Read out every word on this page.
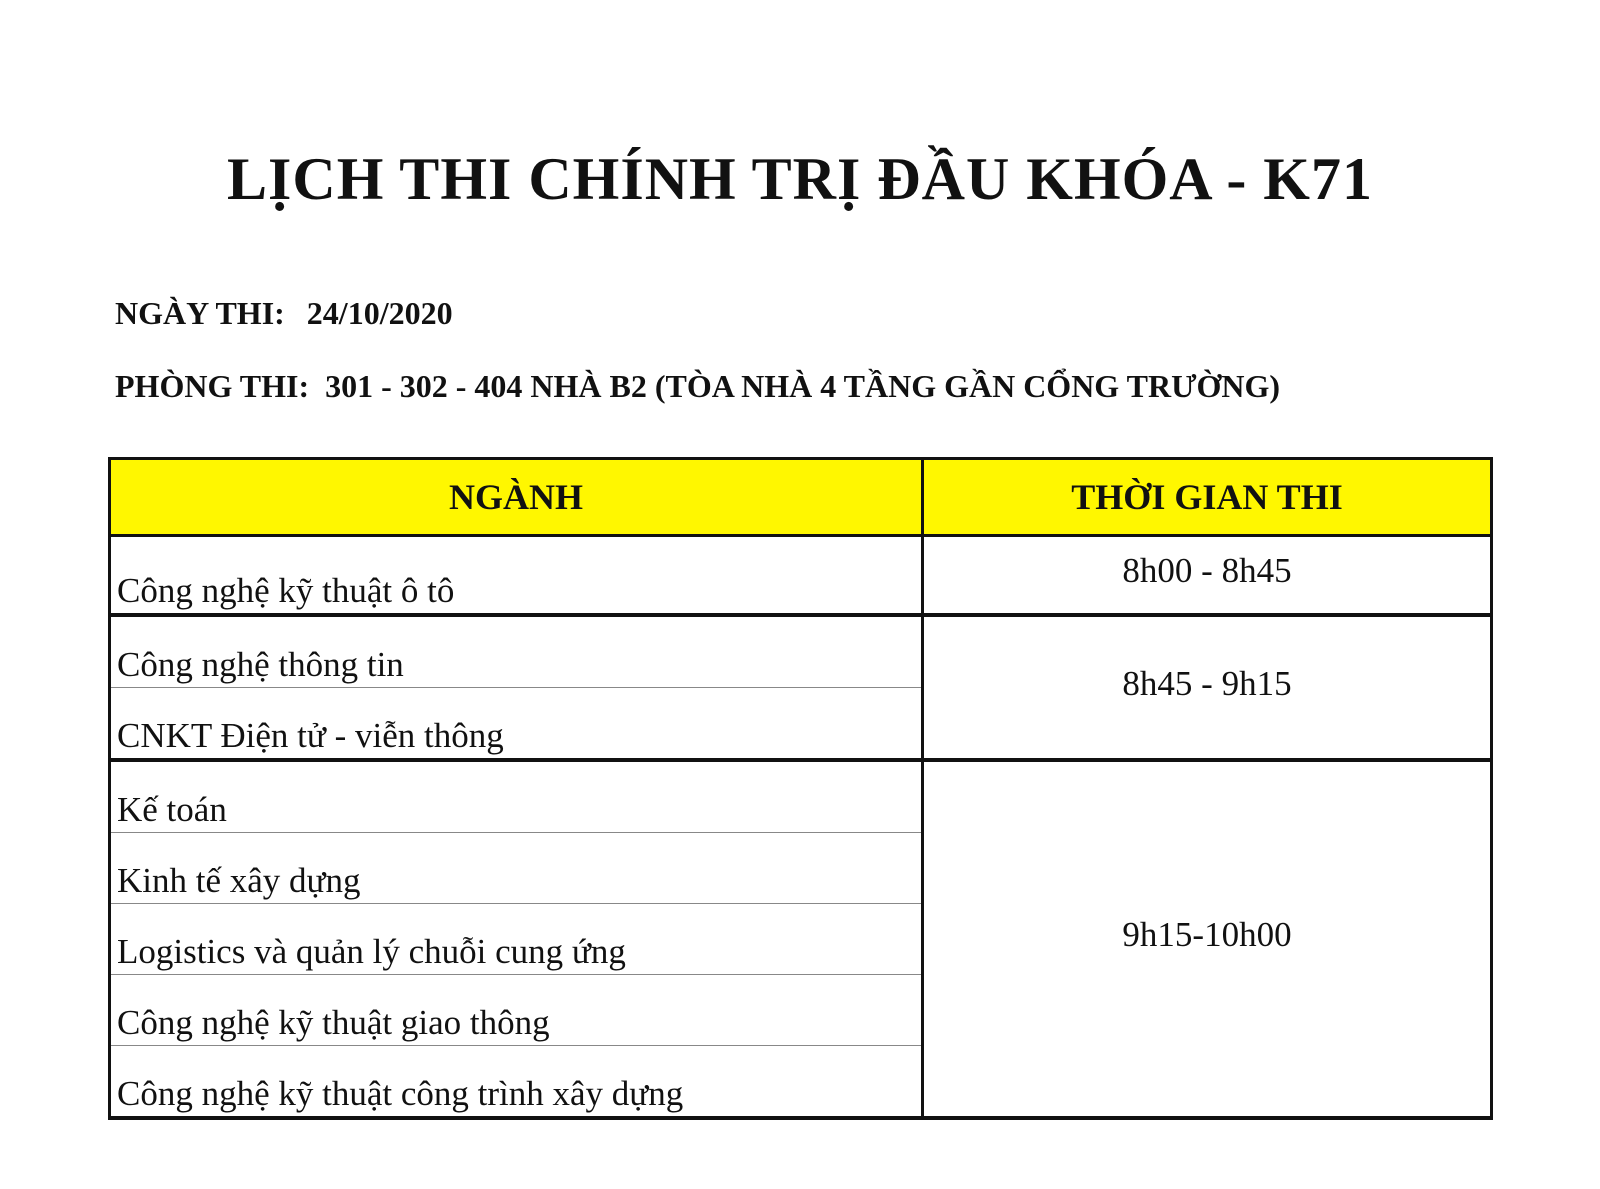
LỊCH THI CHÍNH TRỊ ĐẦU KHÓA - K71
NGÀY THI: 24/10/2020
PHÒNG THI: 301 - 302 - 404 NHÀ B2 (TÒA NHÀ 4 TẦNG GẦN CỔNG TRƯỜNG)
NGÀNH	THỜI GIAN THI
Công nghệ kỹ thuật ô tô	8h00 - 8h45
Công nghệ thông tin	8h45 - 9h15
CNKT Điện tử - viễn thông	
Kế toán	9h15-10h00
Kinh tế xây dựng	
Logistics và quản lý chuỗi cung ứng	
Công nghệ kỹ thuật giao thông	
Công nghệ kỹ thuật công trình xây dựng	
